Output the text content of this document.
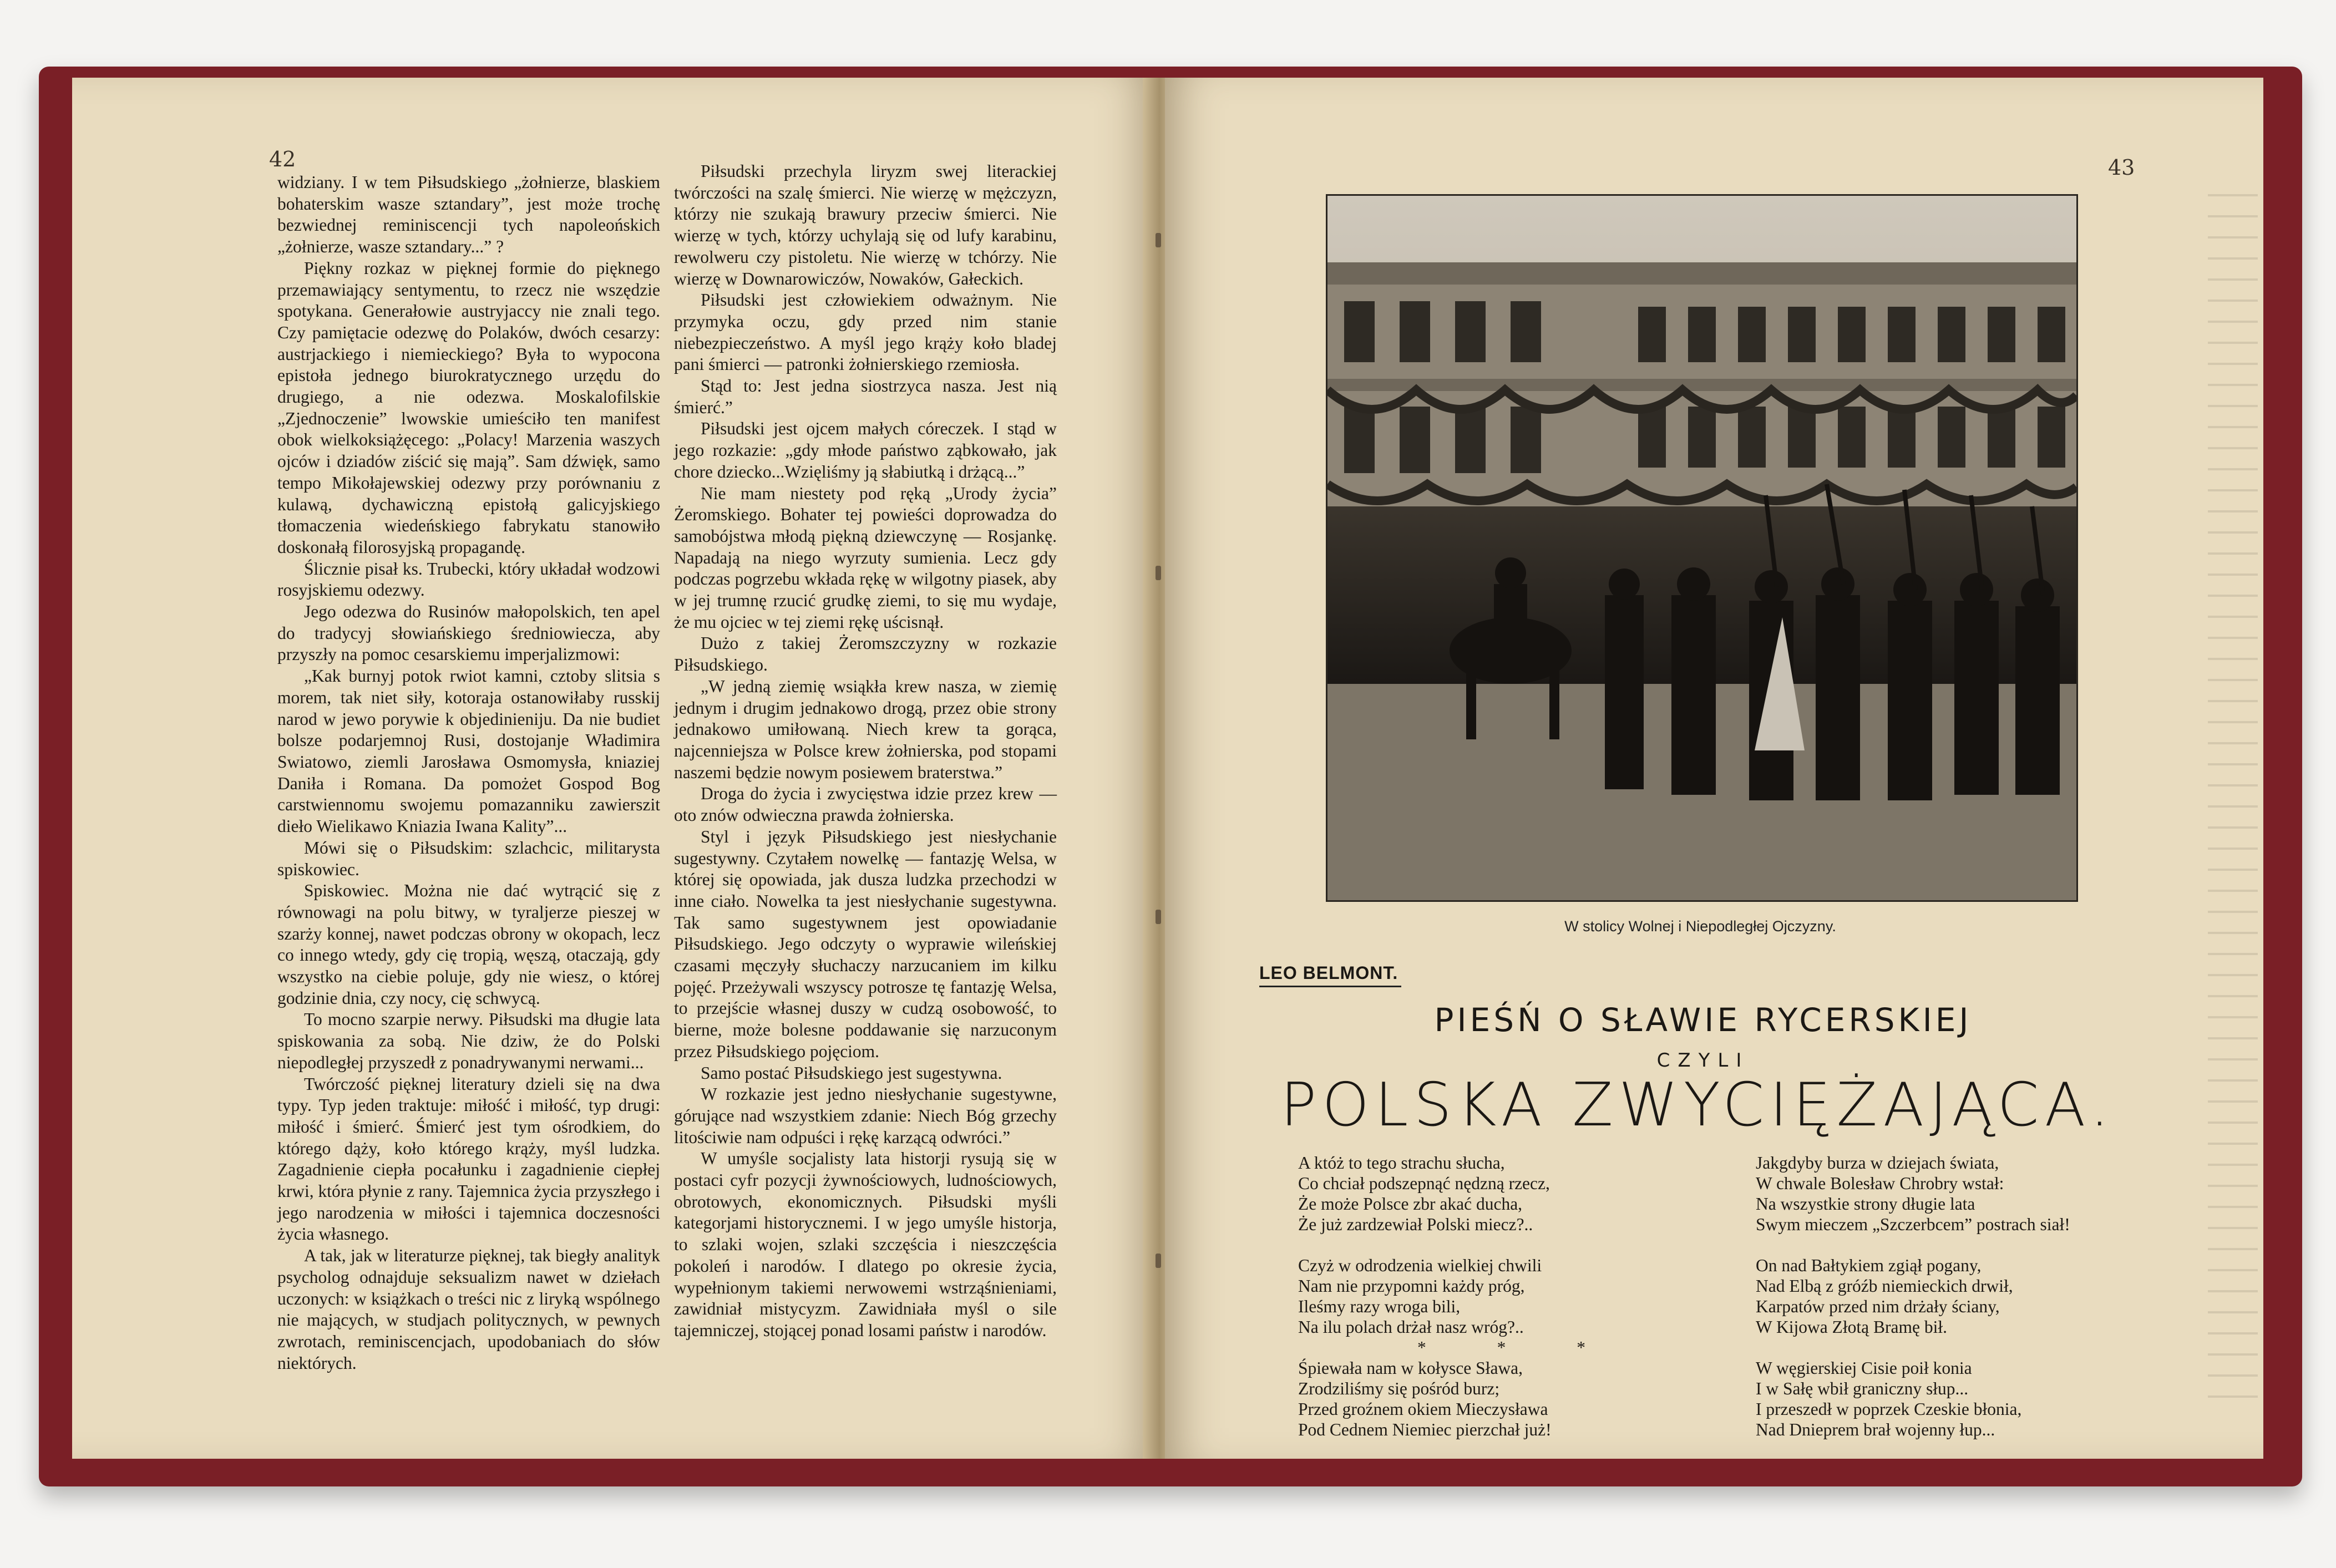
42

widziany. I w tem Piłsudskiego „żołnierze, blaskiem bohaterskim wasze sztandary”, jest może trochę bezwiednej reminiscencji tych napoleońskich „żołnierze, wasze sztandary...” ?

Piękny rozkaz w pięknej formie do pięknego przemawiający sentymentu, to rzecz nie wszędzie spotykana. Generałowie austryjaccy nie znali tego. Czy pamiętacie odezwę do Polaków, dwóch cesarzy: austrjackiego i niemieckiego? Była to wypocona epistoła jednego biurokratycznego urzędu do drugiego, a nie odezwa. Moskalofilskie „Zjednoczenie” lwowskie umieściło ten manifest obok wielkoksiążęcego: „Polacy! Marzenia waszych ojców i dziadów ziścić się mają”. Sam dźwięk, samo tempo Mikołajewskiej odezwy przy porównaniu z kulawą, dychawiczną epistołą galicyjskiego tłomaczenia wiedeńskiego fabrykatu stanowiło doskonałą filorosyjską propagandę.

Ślicznie pisał ks. Trubecki, który układał wodzowi rosyjskiemu odezwy.

Jego odezwa do Rusinów małopolskich, ten apel do tradycyj słowiańskiego średniowiecza, aby przyszły na pomoc cesarskiemu imperjalizmowi:

„Kak burnyj potok rwiot kamni, cztoby slitsia s morem, tak niet siły, kotoraja ostanowiłaby russkij narod w jewo porywie k objedinieniju. Da nie budiet bolsze podarjemnoj Rusi, dostojanje Władimira Swiatowo, ziemli Jarosława Osmomysła, kniaziej Daniła i Romana. Da pomożet Gospod Bog carstwiennomu swojemu pomazanniku zawierszit dieło Wielikawo Kniazia Iwana Kality”...

Mówi się o Piłsudskim: szlachcic, militarysta spiskowiec.

Spiskowiec. Można nie dać wytrącić się z równowagi na polu bitwy, w tyraljerze pieszej w szarży konnej, nawet podczas obrony w okopach, lecz co innego wtedy, gdy cię tropią, węszą, otaczają, gdy wszystko na ciebie poluje, gdy nie wiesz, o której godzinie dnia, czy nocy, cię schwycą.

To mocno szarpie nerwy. Piłsudski ma długie lata spiskowania za sobą. Nie dziw, że do Polski niepodległej przyszedł z ponadrywanymi nerwami...

Twórczość pięknej literatury dzieli się na dwa typy. Typ jeden traktuje: miłość i miłość, typ drugi: miłość i śmierć. Śmierć jest tym ośrodkiem, do którego dąży, koło którego krąży, myśl ludzka. Zagadnienie ciepła pocałunku i zagadnienie ciepłej krwi, która płynie z rany. Tajemnica życia przyszłego i jego narodzenia w miłości i tajemnica doczesności życia własnego.

A tak, jak w literaturze pięknej, tak biegły analityk psycholog odnajduje seksualizm nawet w dziełach uczonych: w książkach o treści nic z liryką wspólnego nie mających, w studjach politycznych, w pewnych zwrotach, reminiscencjach, upodobaniach do słów niektórych.

Piłsudski przechyla liryzm swej literackiej twórczości na szalę śmierci. Nie wierzę w mężczyzn, którzy nie szukają brawury przeciw śmierci. Nie wierzę w tych, którzy uchylają się od lufy karabinu, rewolweru czy pistoletu. Nie wierzę w tchórzy. Nie wierzę w Downarowiczów, Nowaków, Gałeckich.

Piłsudski jest człowiekiem odważnym. Nie przymyka oczu, gdy przed nim stanie niebezpieczeństwo. A myśl jego krąży koło bladej pani śmierci — patronki żołnierskiego rzemiosła.

Stąd to: Jest jedna siostrzyca nasza. Jest nią śmierć.”

Piłsudski jest ojcem małych córeczek. I stąd w jego rozkazie: „gdy młode państwo ząbkowało, jak chore dziecko...Wzięliśmy ją słabiutką i drżącą...”

Nie mam niestety pod ręką „Urody życia” Żeromskiego. Bohater tej powieści doprowadza do samobójstwa młodą piękną dziewczynę — Rosjankę. Napadają na niego wyrzuty sumienia. Lecz gdy podczas pogrzebu wkłada rękę w wilgotny piasek, aby w jej trumnę rzucić grudkę ziemi, to się mu wydaje, że mu ojciec w tej ziemi rękę uścisnął.

Dużo z takiej Żeromszczyzny w rozkazie Piłsudskiego.

„W jedną ziemię wsiąkła krew nasza, w ziemię jednym i drugim jednakowo drogą, przez obie strony jednakowo umiłowaną. Niech krew ta gorąca, najcenniejsza w Polsce krew żołnierska, pod stopami naszemi będzie nowym posiewem braterstwa.”

Droga do życia i zwycięstwa idzie przez krew — oto znów odwieczna prawda żołnierska.

Styl i język Piłsudskiego jest niesłychanie sugestywny. Czytałem nowelkę — fantazję Welsa, w której się opowiada, jak dusza ludzka przechodzi w inne ciało. Nowelka ta jest niesłychanie sugestywna. Tak samo sugestywnem jest opowiadanie Piłsudskiego. Jego odczyty o wyprawie wileńskiej czasami męczyły słuchaczy narzucaniem im kilku pojęć. Przeżywali wszyscy potrosze tę fantazję Welsa, to przejście własnej duszy w cudzą osobowość, to bierne, może bolesne poddawanie się narzuconym przez Piłsudskiego pojęciom.

Samo postać Piłsudskiego jest sugestywna.

W rozkazie jest jedno niesłychanie sugestywne, górujące nad wszystkiem zdanie: Niech Bóg grzechy litościwie nam odpuści i rękę karzącą odwróci.”

W umyśle socjalisty lata historji rysują się w postaci cyfr pozycji żywnościowych, ludnościowych, obrotowych, ekonomicznych. Piłsudski myśli kategorjami historycznemi. I w jego umyśle historja, to szlaki wojen, szlaki szczęścia i nieszczęścia pokoleń i narodów. I dlatego po okresie życia, wypełnionym takiemi nerwowemi wstrząśnieniami, zawidniał mistycyzm. Zawidniała myśl o sile tajemniczej, stojącej ponad losami państw i narodów.

43
W stolicy Wolnej i Niepodległej Ojczyzny.
LEO BELMONT.
PIEŚŃ O SŁAWIE RYCERSKIEJ
CZYLI
POLSKA ZWYCIĘŻAJĄCA.
A któż to tego strachu słucha,
Co chciał podszepnąć nędzną rzecz,
Że może Polsce zbr akać ducha,
Że już zardzewiał Polski miecz?..
Czyż w odrodzenia wielkiej chwili
Nam nie przypomni każdy próg,
Ileśmy razy wroga bili,
Na ilu polach drżał nasz wróg?..
* * *
Śpiewała nam w kołysce Sława,
Zrodziliśmy się pośród burz;
Przed groźnem okiem Mieczysława
Pod Cednem Niemiec pierzchał już!
Jakgdyby burza w dziejach świata,
W chwale Bolesław Chrobry wstał:
Na wszystkie strony długie lata
Swym mieczem „Szczerbcem” postrach siał!
On nad Bałtykiem zgiął pogany,
Nad Elbą z gróźb niemieckich drwił,
Karpatów przed nim drżały ściany,
W Kijowa Złotą Bramę bił.
W węgierskiej Cisie poił konia
I w Sałę wbił graniczny słup...
I przeszedł w poprzek Czeskie błonia,
Nad Dnieprem brał wojenny łup...
